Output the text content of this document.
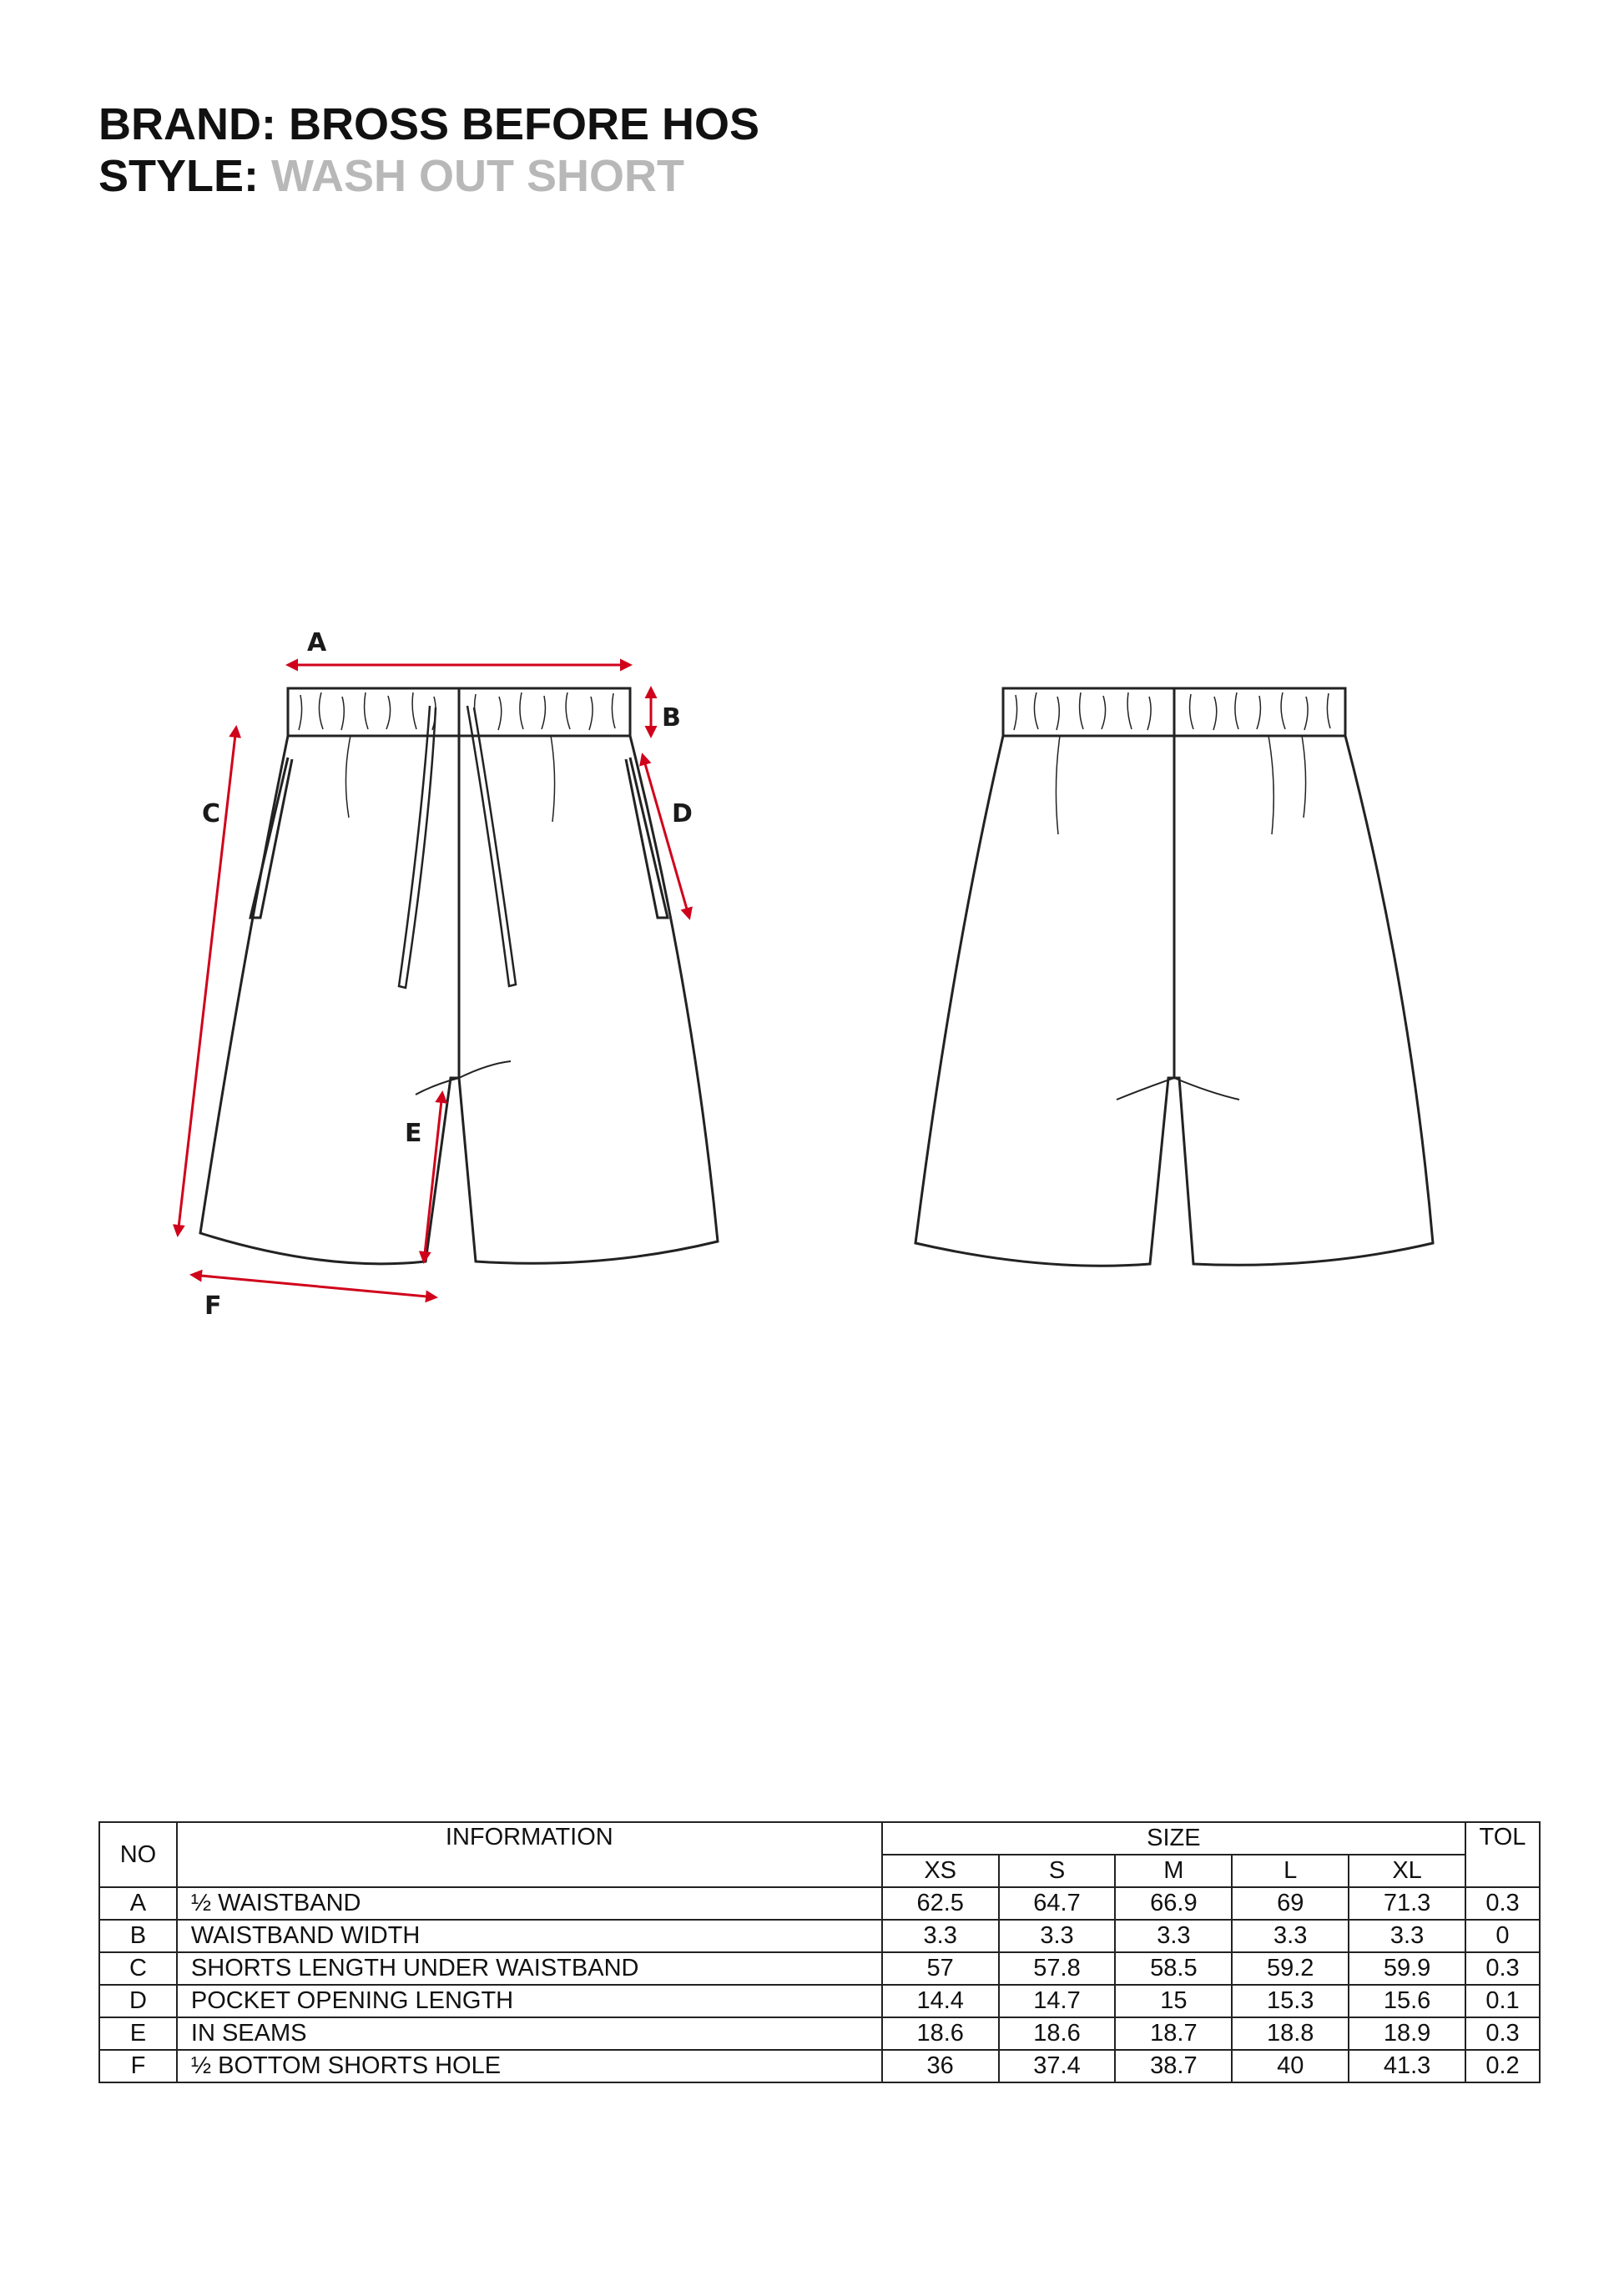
BRAND: BROSS BEFORE HOS
STYLE: WASH OUT SHORT
A
B
C	D
E
F
NO	INFORMATION	SIZE					TOL
		XS	S	M	L	XL	
A	½ WAISTBAND	62.5	64.7	66.9	69	71.3	0.3
B	WAISTBAND WIDTH	3.3	3.3	3.3	3.3	3.3	0
C	SHORTS LENGTH UNDER WAISTBAND	57	57.8	58.5	59.2	59.9	0.3
D	POCKET OPENING LENGTH	14.4	14.7	15	15.3	15.6	0.1
E	IN SEAMS	18.6	18.6	18.7	18.8	18.9	0.3
F	½ BOTTOM SHORTS HOLE	36	37.4	38.7	40	41.3	0.2
